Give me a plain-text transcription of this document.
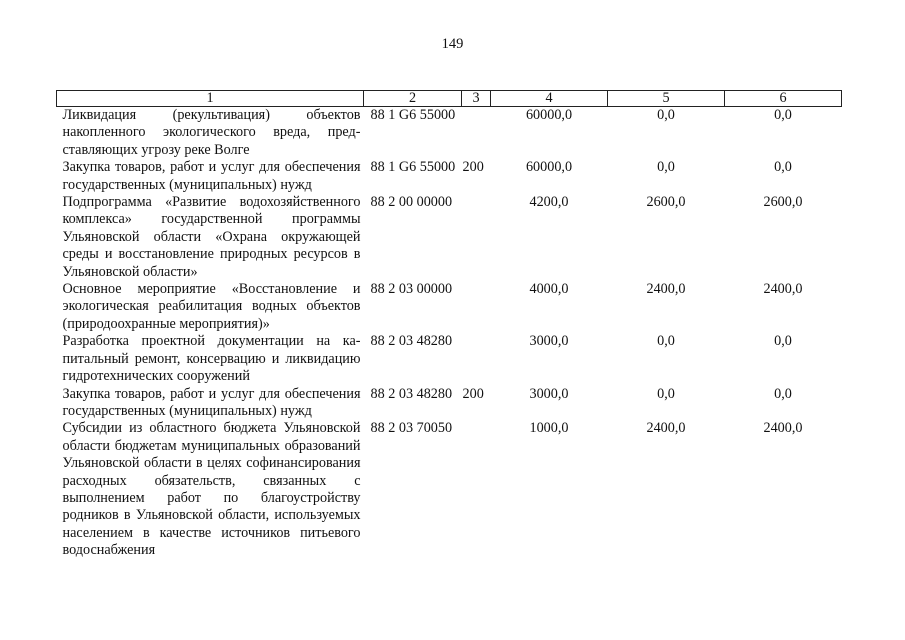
149
1	2	3	4	5	6
Ликвидация (рекультивация) объектов накопленного экологического вреда, представляющих угрозу реке Волге	88 1 G6 55000		60000,0	0,0	0,0
Закупка товаров, работ и услуг для обеспечения государственных (муниципальных) нужд	88 1 G6 55000	200	60000,0	0,0	0,0
Подпрограмма «Развитие водохозяйственного комплекса» государственной программы Ульяновской области «Охрана окружающей среды и восстановление природных ресурсов в Ульяновской области»	88 2 00 00000		4200,0	2600,0	2600,0
Основное мероприятие «Восстановление и экологическая реабилитация водных объектов (природоохранные мероприятия)»	88 2 03 00000		4000,0	2400,0	2400,0
Разработка проектной документации на капитальный ремонт, консервацию и ликвидацию гидротехнических сооружений	88 2 03 48280		3000,0	0,0	0,0
Закупка товаров, работ и услуг для обеспечения государственных (муниципальных) нужд	88 2 03 48280	200	3000,0	0,0	0,0
Субсидии из областного бюджета Ульяновской области бюджетам муниципальных образований Ульяновской области в целях софинансирования расходных обязательств, связанных с выполнением работ по благоустройству родников в Ульяновской области, используемых населением в качестве источников питьевого водоснабжения	88 2 03 70050		1000,0	2400,0	2400,0
